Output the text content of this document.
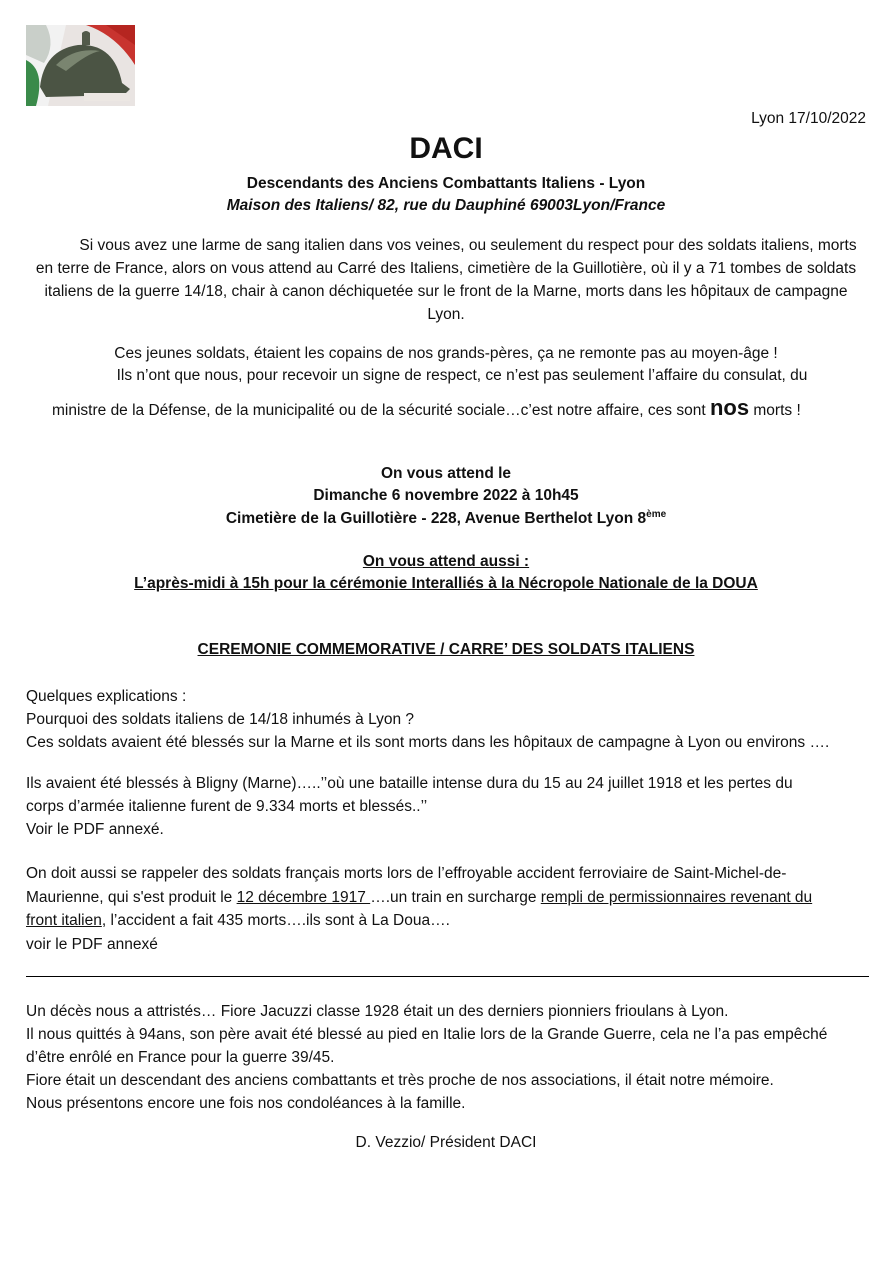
Lyon 17/10/2022
DACI
Descendants des Anciens Combattants Italiens - Lyon
Maison des Italiens/ 82, rue du Dauphiné 69003Lyon/France
Si vous avez une larme de sang italien dans vos veines, ou seulement du respect pour des soldats italiens, morts en terre de France, alors on vous attend au Carré des Italiens, cimetière de la Guillotière, où il y a 71 tombes de soldats italiens de la guerre 14/18, chair à canon déchiquetée sur le front de la Marne, morts dans les hôpitaux de campagne Lyon.
Ces jeunes soldats, étaient les copains de nos grands-pères, ça ne remonte pas au moyen-âge !
Ils n’ont que nous, pour recevoir un signe de respect, ce n’est pas seulement l’affaire du consulat, du
ministre de la Défense, de la municipalité ou de la sécurité sociale…c’est notre affaire, ces sont nos morts !
On vous attend le
Dimanche 6 novembre 2022 à 10h45
Cimetière de la Guillotière - 228, Avenue Berthelot Lyon 8ème
On vous attend aussi :
L’après-midi à 15h pour la cérémonie Interalliés à la Nécropole Nationale de la DOUA
CEREMONIE COMMEMORATIVE / CARRE’ DES SOLDATS ITALIENS
Quelques explications :
Pourquoi des soldats italiens de 14/18 inhumés à Lyon ?
Ces soldats avaient été blessés sur la Marne et ils sont morts dans les hôpitaux de campagne à Lyon ou environs ….
Ils avaient été blessés à Bligny (Marne)…..’’où une bataille intense dura du 15 au 24 juillet 1918 et les pertes du
corps d’armée italienne furent de 9.334 morts et blessés..’’
Voir le PDF annexé.
On doit aussi se rappeler des soldats français morts lors de l’effroyable accident ferroviaire de Saint-Michel-de-
Maurienne, qui s'est produit le 12 décembre 1917 ….un train en surcharge rempli de permissionnaires revenant du
front italien, l’accident a fait 435 morts….ils sont à La Doua….
voir le PDF annexé
Un décès nous a attristés… Fiore Jacuzzi classe 1928 était un des derniers pionniers frioulans à Lyon.
Il nous quittés à 94ans, son père avait été blessé au pied en Italie lors de la Grande Guerre, cela ne l’a pas empêché
d’être enrôlé en France pour la guerre 39/45.
Fiore était un descendant des anciens combattants et très proche de nos associations, il était notre mémoire.
Nous présentons encore une fois nos condoléances à la famille.
D. Vezzio/ Président DACI
